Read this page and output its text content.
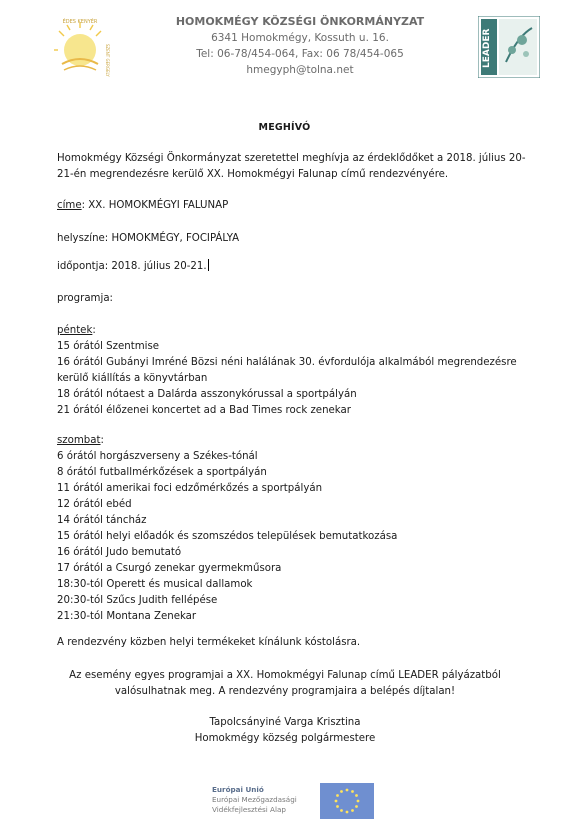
ÉDES KENYÉR
SZENT GERGELY
HOMOKMÉGY KÖZSÉGI ÖNKORMÁNYZAT
6341 Homokmégy, Kossuth u. 16.
Tel: 06-78/454-064, Fax: 06 78/454-065
hmegyph@tolna.net
LEADER
MEGHÍVÓ
Homokmégy Községi Önkormányzat szeretettel meghívja az érdeklődőket a 2018. július 20-
21-én megrendezésre kerülő XX. Homokmégyi Falunap című rendezvényére.
címe: XX. HOMOKMÉGYI FALUNAP
helyszíne: HOMOKMÉGY, FOCIPÁLYA
időpontja: 2018. július 20-21.
programja:
péntek:
15 órától Szentmise
16 órától Gubányi Imréné Bözsi néni halálának 30. évfordulója alkalmából megrendezésre
kerülő kiállítás a könyvtárban
18 órától nótaest a Dalárda asszonykórussal a sportpályán
21 órától élőzenei koncertet ad a Bad Times rock zenekar
szombat:
6 órától horgászverseny a Székes-tónál
8 órától futballmérkőzések a sportpályán
11 órától amerikai foci edzőmérkőzés a sportpályán
12 órától ebéd
14 órától táncház
15 órától helyi előadók és szomszédos települések bemutatkozása
16 órától Judo bemutató
17 órától a Csurgó zenekar gyermekműsora
18:30-tól Operett és musical dallamok
20:30-tól Szűcs Judith fellépése
21:30-tól Montana Zenekar
A rendezvény közben helyi termékeket kínálunk kóstolásra.
Az esemény egyes programjai a XX. Homokmégyi Falunap című LEADER pályázatból
valósulhatnak meg. A rendezvény programjaira a belépés díjtalan!
Tapolcsányiné Varga Krisztina
Homokmégy község polgármestere
Európai Unió
Európai Mezőgazdasági
Vidékfejlesztési Alap
